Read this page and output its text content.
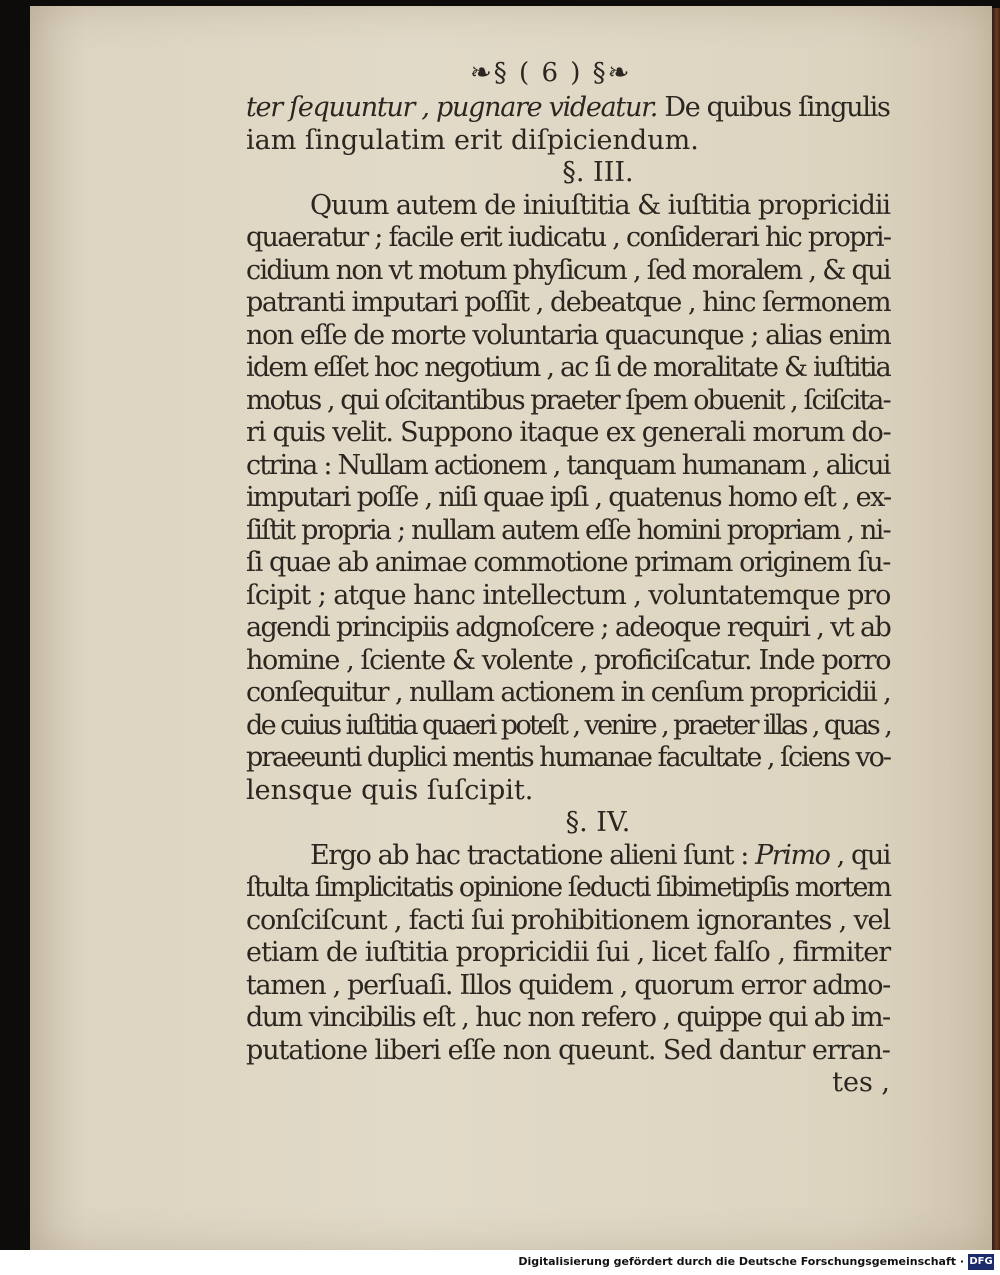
❧§ ( 6 ) §❧
ter ſequuntur , pugnare videatur. De quibus ſingulis
iam ſingulatim erit diſpiciendum.
§. III.
Quum autem de iniuſtitia & iuſtitia propricidii
quaeratur ; facile erit iudicatu , conſiderari hic propri-
cidium non vt motum phyſicum , ſed moralem , & qui
patranti imputari poſſit , debeatque , hinc ſermonem
non eſſe de morte voluntaria quacunque ; alias enim
idem eſſet hoc negotium , ac ſi de moralitate & iuſtitia
motus , qui oſcitantibus praeter ſpem obuenit , ſciſcita-
ri quis velit. Suppono itaque ex generali morum do-
ctrina : Nullam actionem , tanquam humanam , alicui
imputari poſſe , niſi quae ipſi , quatenus homo eſt , ex-
ſiſtit propria ; nullam autem eſſe homini propriam , ni-
ſi quae ab animae commotione primam originem ſu-
ſcipit ; atque hanc intellectum , voluntatemque pro
agendi principiis adgnoſcere ; adeoque requiri , vt ab
homine , ſciente & volente , proficiſcatur. Inde porro
conſequitur , nullam actionem in cenſum propricidii ,
de cuius iuſtitia quaeri poteſt , venire , praeter illas , quas ,
praeeunti duplici mentis humanae facultate , ſciens vo-
lensque quis ſuſcipit.
§. IV.
Ergo ab hac tractatione alieni ſunt : Primo , qui
ſtulta ſimplicitatis opinione ſeducti ſibimetipſis mortem
conſciſcunt , facti ſui prohibitionem ignorantes , vel
etiam de iuſtitia propricidii ſui , licet falſo , firmiter
tamen , perſuaſi. Illos quidem , quorum error admo-
dum vincibilis eſt , huc non refero , quippe qui ab im-
putatione liberi eſſe non queunt. Sed dantur erran-
tes ,
Digitalisierung gefördert durch die Deutsche Forschungsgemeinschaft · DFG
